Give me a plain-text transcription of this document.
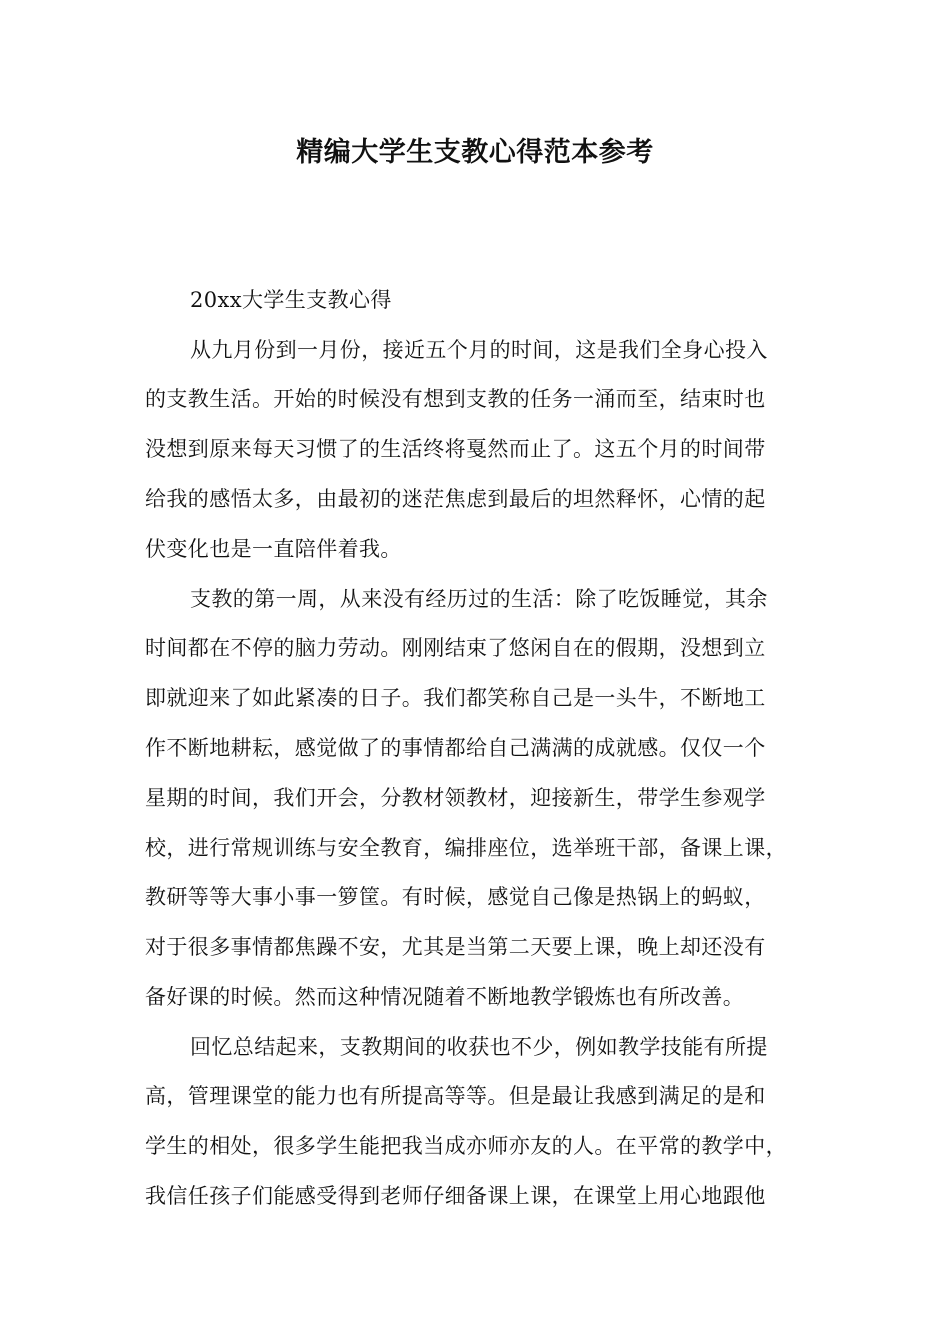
精编大学生支教心得范本参考
20xx大学生支教心得
从九月份到一月份，接近五个月的时间，这是我们全身心投入
的支教生活。开始的时候没有想到支教的任务一涌而至，结束时也
没想到原来每天习惯了的生活终将戛然而止了。这五个月的时间带
给我的感悟太多，由最初的迷茫焦虑到最后的坦然释怀，心情的起
伏变化也是一直陪伴着我。
支教的第一周，从来没有经历过的生活：除了吃饭睡觉，其余
时间都在不停的脑力劳动。刚刚结束了悠闲自在的假期，没想到立
即就迎来了如此紧凑的日子。我们都笑称自己是一头牛，不断地工
作不断地耕耘，感觉做了的事情都给自己满满的成就感。仅仅一个
星期的时间，我们开会，分教材领教材，迎接新生，带学生参观学
校，进行常规训练与安全教育，编排座位，选举班干部，备课上课，
教研等等大事小事一箩筐。有时候，感觉自己像是热锅上的蚂蚁，
对于很多事情都焦躁不安，尤其是当第二天要上课，晚上却还没有
备好课的时候。然而这种情况随着不断地教学锻炼也有所改善。
回忆总结起来，支教期间的收获也不少，例如教学技能有所提
高，管理课堂的能力也有所提高等等。但是最让我感到满足的是和
学生的相处，很多学生能把我当成亦师亦友的人。在平常的教学中，
我信任孩子们能感受得到老师仔细备课上课，在课堂上用心地跟他
